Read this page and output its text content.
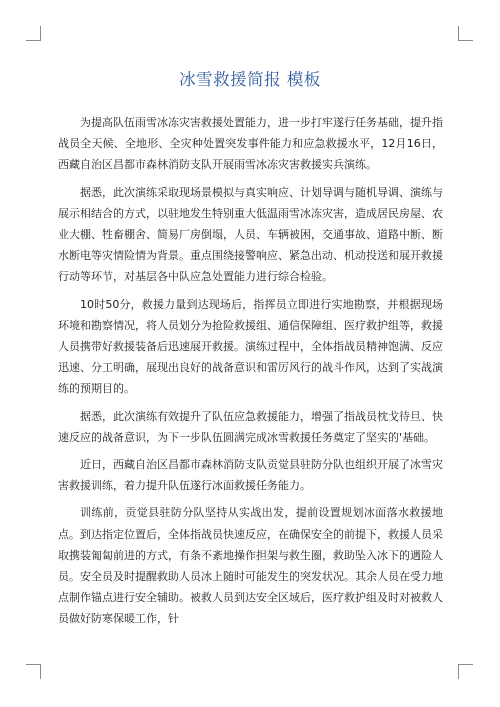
冰雪救援简报 模板

为提高队伍雨雪冰冻灾害救援处置能力，进一步打牢遂行任务基础，提升指战员全天候、全地形、全灾种处置突发事件能力和应急救援水平，12月16日，西藏自治区昌都市森林消防支队开展雨雪冰冻灾害救援实兵演练。

据悉，此次演练采取现场景模拟与真实响应、计划导调与随机导调、演练与展示相结合的方式，以驻地发生特别重大低温雨雪冰冻灾害，造成居民房屋、农业大棚、牲畜棚舍、简易厂房倒塌，人员、车辆被困，交通事故、道路中断、断水断电等灾情险情为背景。重点围绕接警响应、紧急出动、机动投送和展开救援行动等环节，对基层各中队应急处置能力进行综合检验。

10时50分，救援力量到达现场后，指挥员立即进行实地勘察，并根据现场环境和勘察情况，将人员划分为抢险救援组、通信保障组、医疗救护组等，救援人员携带好救援装备后迅速展开救援。演练过程中，全体指战员精神饱满、反应迅速、分工明确，展现出良好的战备意识和雷厉风行的战斗作风，达到了实战演练的预期目的。

据悉，此次演练有效提升了队伍应急救援能力，增强了指战员枕戈待旦、快速反应的战备意识，为下一步队伍圆满完成冰雪救援任务奠定了坚实的'基础。

近日，西藏自治区昌都市森林消防支队贡觉县驻防分队也组织开展了冰雪灾害救援训练，着力提升队伍遂行冰面救援任务能力。

训练前，贡觉县驻防分队坚持从实战出发，提前设置规划冰面落水救援地点。到达指定位置后，全体指战员快速反应，在确保安全的前提下，救援人员采取携装匍匐前进的方式，有条不紊地操作担架与救生圈，救助坠入冰下的遇险人员。安全员及时提醒救助人员冰上随时可能发生的突发状况。其余人员在受力地点制作锚点进行安全辅助。被救人员到达安全区域后，医疗救护组及时对被救人员做好防寒保暖工作，针
